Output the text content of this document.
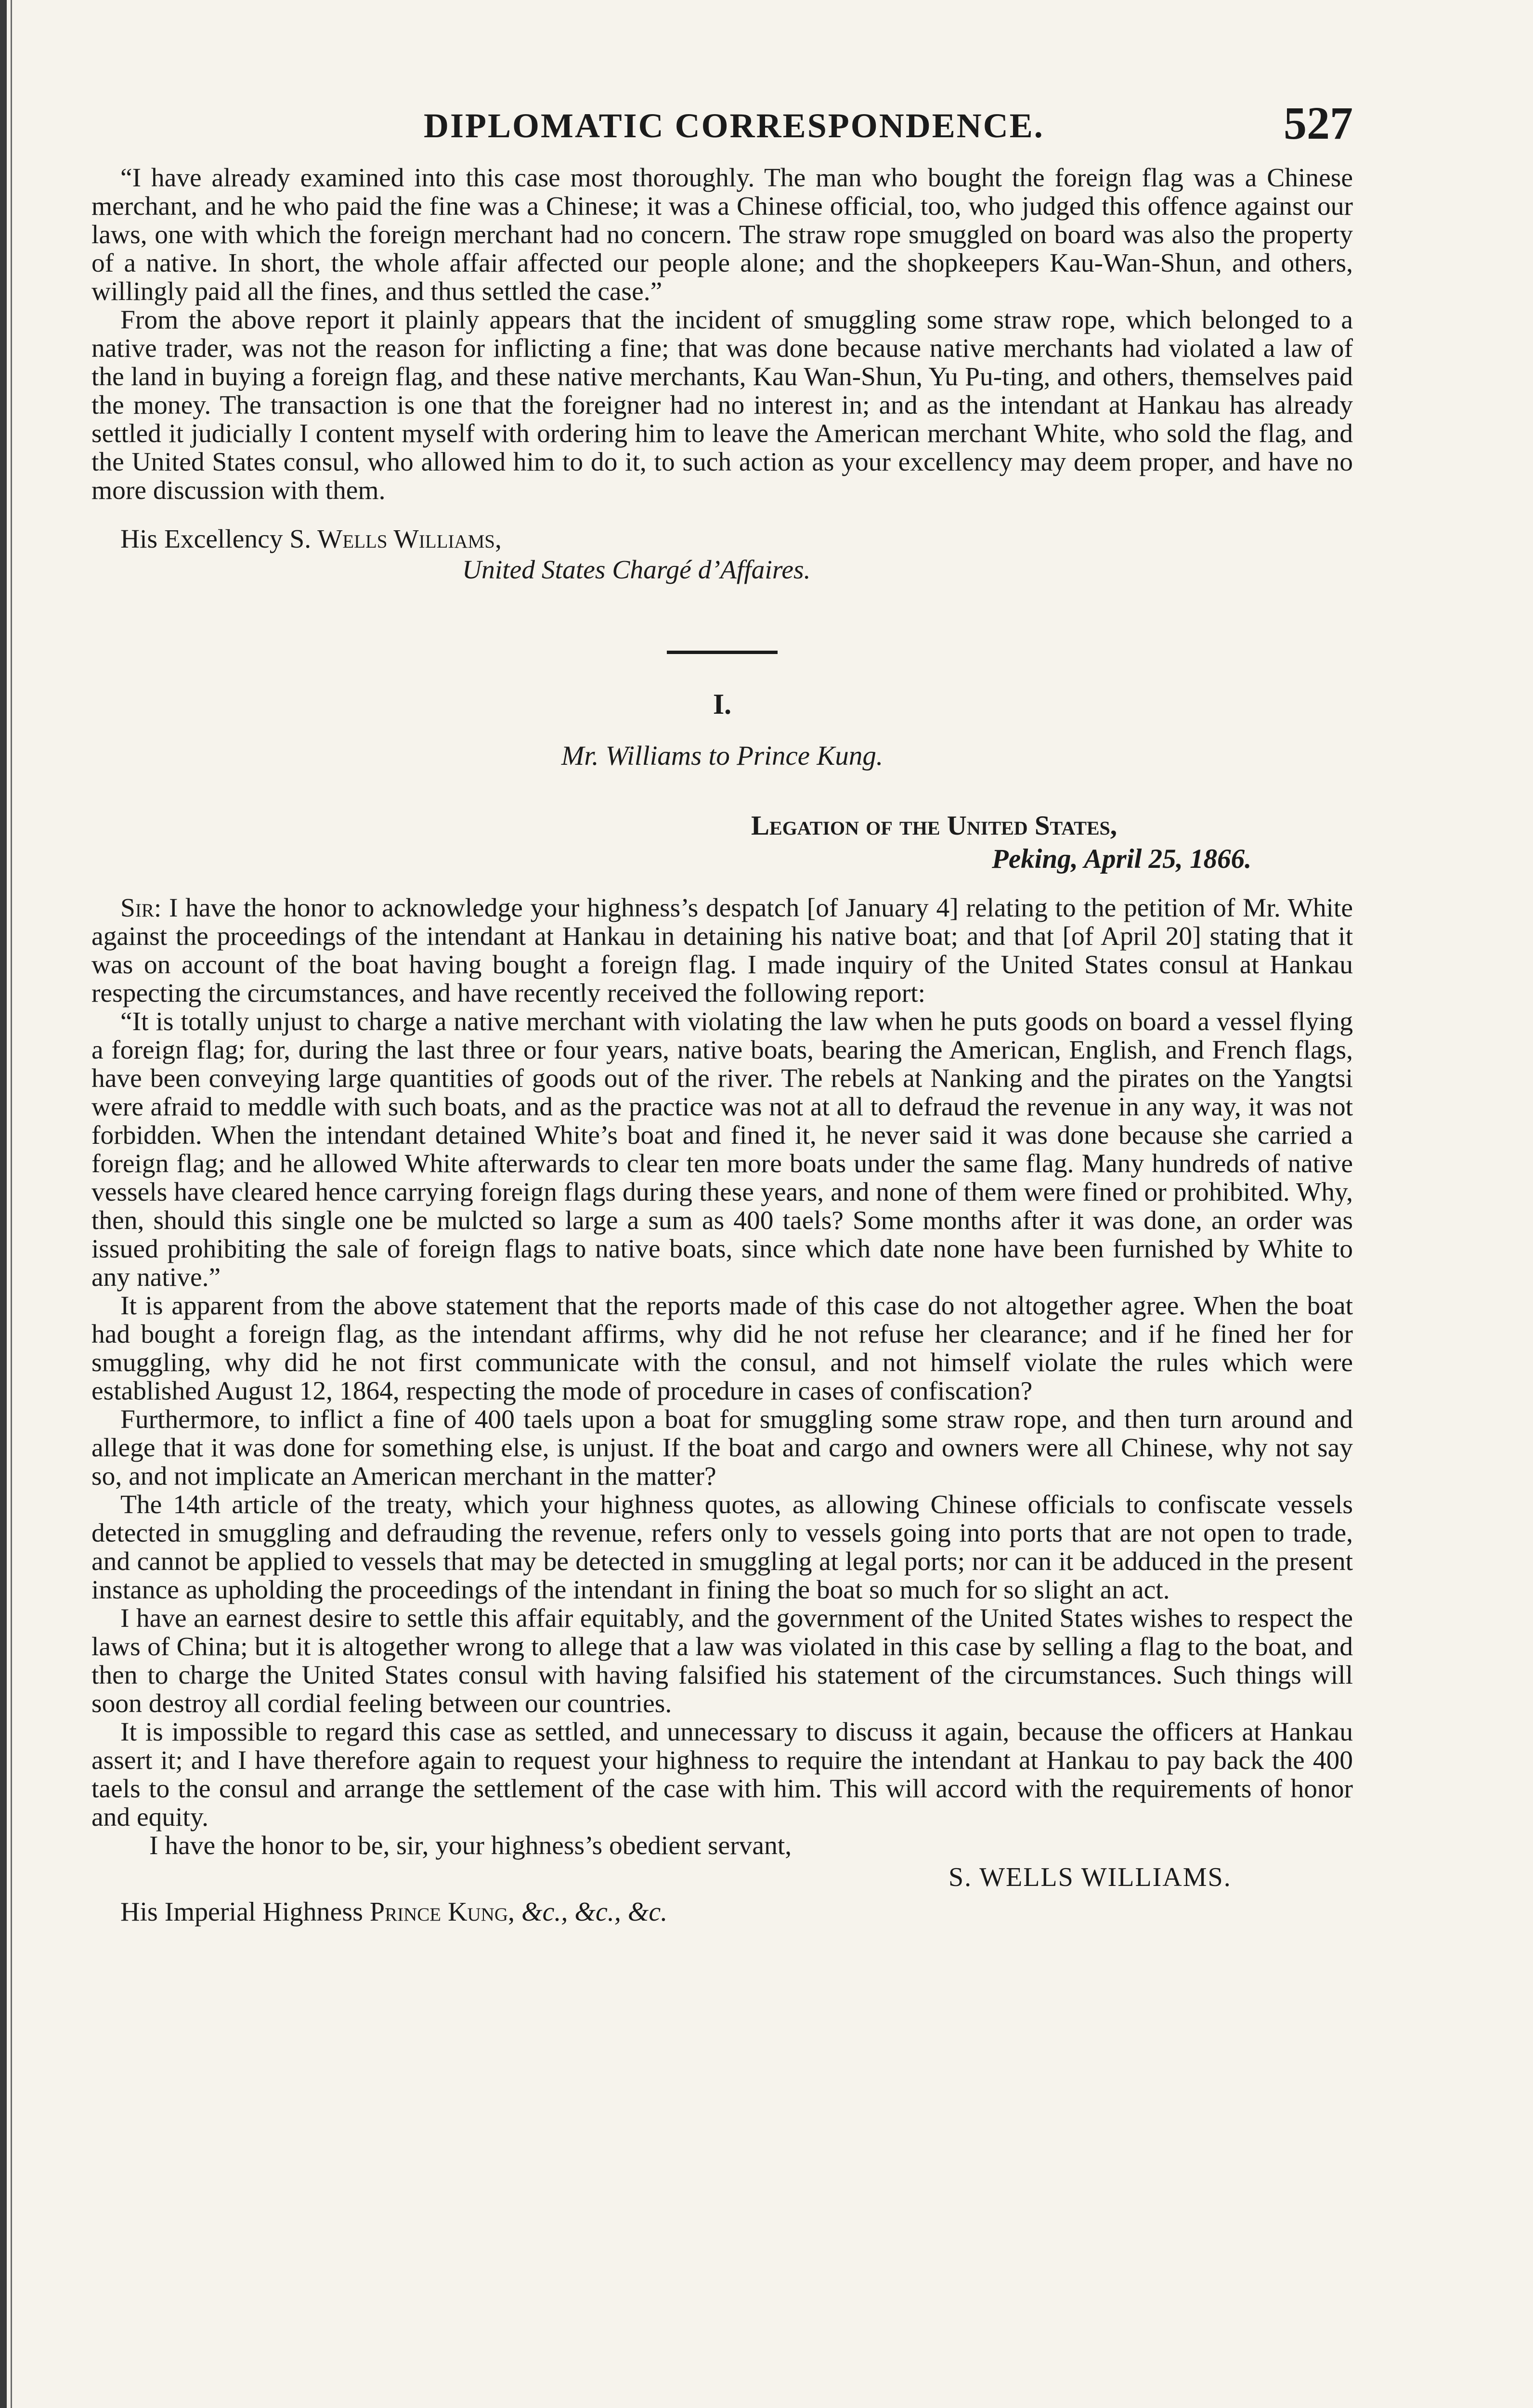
DIPLOMATIC CORRESPONDENCE.	527

“I have already examined into this case most thoroughly. The man who bought the foreign flag was a Chinese merchant, and he who paid the fine was a Chinese; it was a Chinese official, too, who judged this offence against our laws, one with which the foreign merchant had no concern. The straw rope smuggled on board was also the property of a native. In short, the whole affair affected our people alone; and the shopkeepers Kau-Wan-Shun, and others, willingly paid all the fines, and thus settled the case.”

From the above report it plainly appears that the incident of smuggling some straw rope, which belonged to a native trader, was not the reason for inflicting a fine; that was done because native merchants had violated a law of the land in buying a foreign flag, and these native merchants, Kau Wan-Shun, Yu Pu-ting, and others, themselves paid the money. The transaction is one that the foreigner had no interest in; and as the intendant at Hankau has already settled it judicially I content myself with ordering him to leave the American merchant White, who sold the flag, and the United States consul, who allowed him to do it, to such action as your excellency may deem proper, and have no more discussion with them.

His Excellency S. Wells Williams,
United States Chargé d’Affaires.
I.
Mr. Williams to Prince Kung.
Legation of the United States,
Peking, April 25, 1866.

Sir: I have the honor to acknowledge your highness’s despatch [of January 4] relating to the petition of Mr. White against the proceedings of the intendant at Hankau in detaining his native boat; and that [of April 20] stating that it was on account of the boat having bought a foreign flag. I made inquiry of the United States consul at Hankau respecting the circumstances, and have recently received the following report:

“It is totally unjust to charge a native merchant with violating the law when he puts goods on board a vessel flying a foreign flag; for, during the last three or four years, native boats, bearing the American, English, and French flags, have been conveying large quantities of goods out of the river. The rebels at Nanking and the pirates on the Yangtsi were afraid to meddle with such boats, and as the practice was not at all to defraud the revenue in any way, it was not forbidden. When the intendant detained White’s boat and fined it, he never said it was done because she carried a foreign flag; and he allowed White afterwards to clear ten more boats under the same flag. Many hundreds of native vessels have cleared hence carrying foreign flags during these years, and none of them were fined or prohibited. Why, then, should this single one be mulcted so large a sum as 400 taels? Some months after it was done, an order was issued prohibiting the sale of foreign flags to native boats, since which date none have been furnished by White to any native.”

It is apparent from the above statement that the reports made of this case do not altogether agree. When the boat had bought a foreign flag, as the intendant affirms, why did he not refuse her clearance; and if he fined her for smuggling, why did he not first communicate with the consul, and not himself violate the rules which were established August 12, 1864, respecting the mode of procedure in cases of confiscation?

Furthermore, to inflict a fine of 400 taels upon a boat for smuggling some straw rope, and then turn around and allege that it was done for something else, is unjust. If the boat and cargo and owners were all Chinese, why not say so, and not implicate an American merchant in the matter?

The 14th article of the treaty, which your highness quotes, as allowing Chinese officials to confiscate vessels detected in smuggling and defrauding the revenue, refers only to vessels going into ports that are not open to trade, and cannot be applied to vessels that may be detected in smuggling at legal ports; nor can it be adduced in the present instance as upholding the proceedings of the intendant in fining the boat so much for so slight an act.

I have an earnest desire to settle this affair equitably, and the government of the United States wishes to respect the laws of China; but it is altogether wrong to allege that a law was violated in this case by selling a flag to the boat, and then to charge the United States consul with having falsified his statement of the circumstances. Such things will soon destroy all cordial feeling between our countries.

It is impossible to regard this case as settled, and unnecessary to discuss it again, because the officers at Hankau assert it; and I have therefore again to request your highness to require the intendant at Hankau to pay back the 400 taels to the consul and arrange the settlement of the case with him. This will accord with the requirements of honor and equity.

I have the honor to be, sir, your highness’s obedient servant,

S. WELLS WILLIAMS.
His Imperial Highness Prince Kung, &c., &c., &c.
